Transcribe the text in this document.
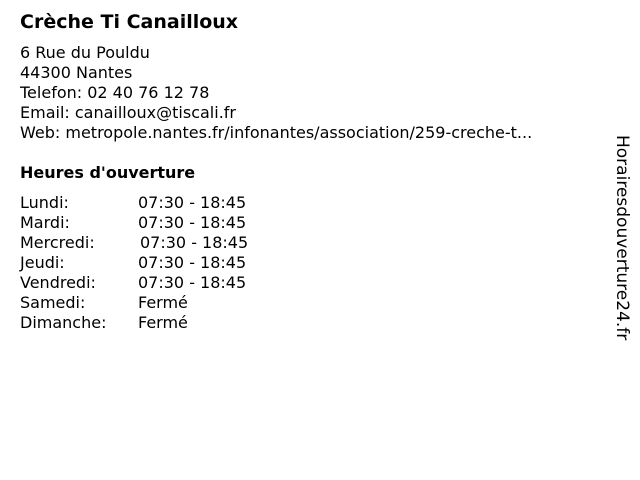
Crèche Ti Canailloux
6 Rue du Pouldu
44300 Nantes
Telefon: 02 40 76 12 78
Email: canailloux@tiscali.fr
Web: metropole.nantes.fr/infonantes/association/259-creche-t...
Heures d'ouverture
Lundi:	07:30 - 18:45
Mardi:	07:30 - 18:45
Mercredi:	07:30 - 18:45
Jeudi:	07:30 - 18:45
Vendredi:	07:30 - 18:45
Samedi:	Fermé
Dimanche:	Fermé	Horairesdouverture24.fr
